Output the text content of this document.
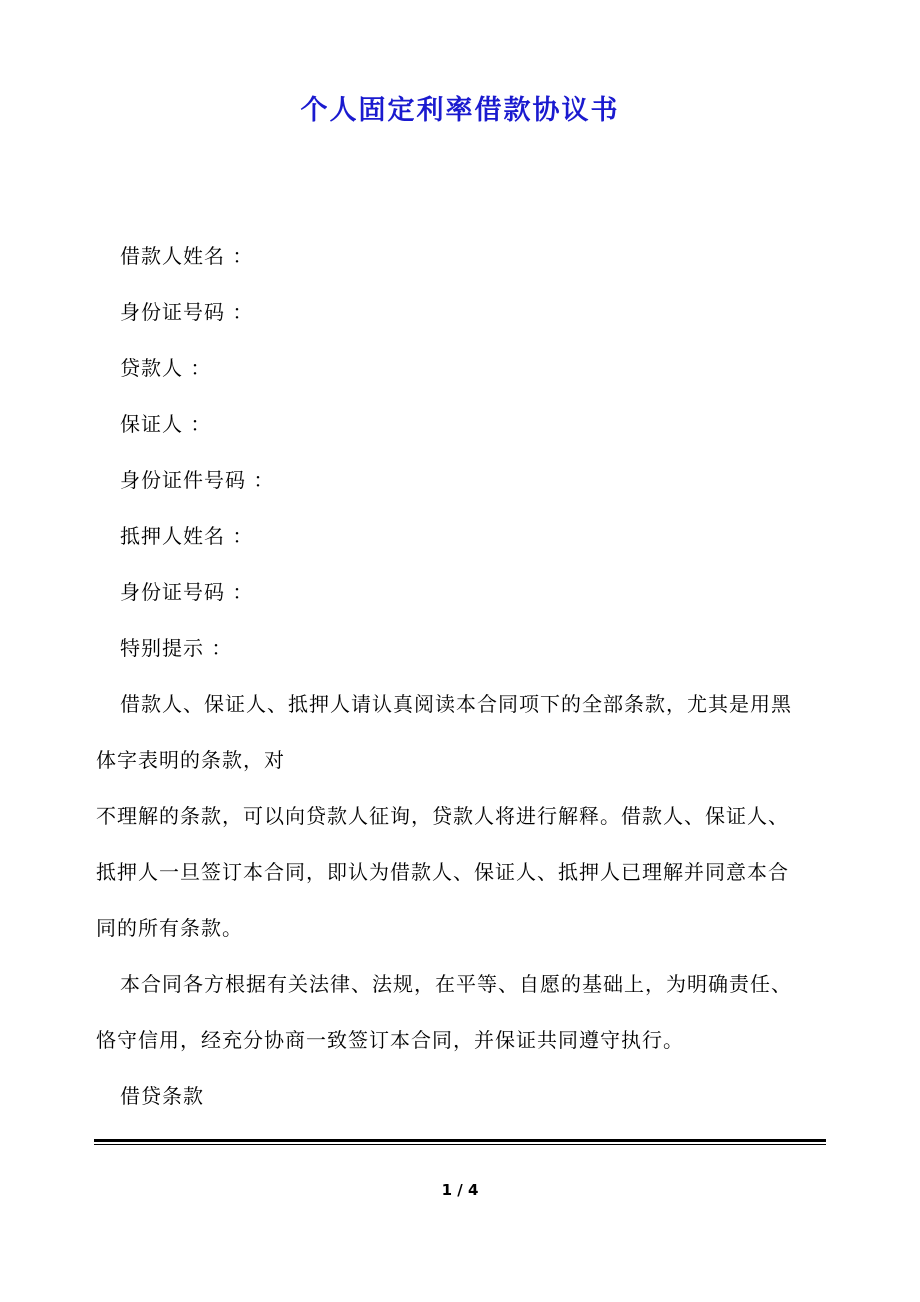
个人固定利率借款协议书
借款人姓名 ：
身份证号码 ：
贷款人 ：
保证人 ：
身份证件号码 ：
抵押人姓名 ：
身份证号码 ：
特别提示 ：
借款人、保证人、抵押人请认真阅读本合同项下的全部条款，尤其是用黑
体字表明的条款，对
不理解的条款，可以向贷款人征询，贷款人将进行解释。借款人、保证人、
抵押人一旦签订本合同，即认为借款人、保证人、抵押人已理解并同意本合
同的所有条款。
本合同各方根据有关法律、法规，在平等、自愿的基础上，为明确责任、
恪守信用，经充分协商一致签订本合同，并保证共同遵守执行。
借贷条款
1 / 4
